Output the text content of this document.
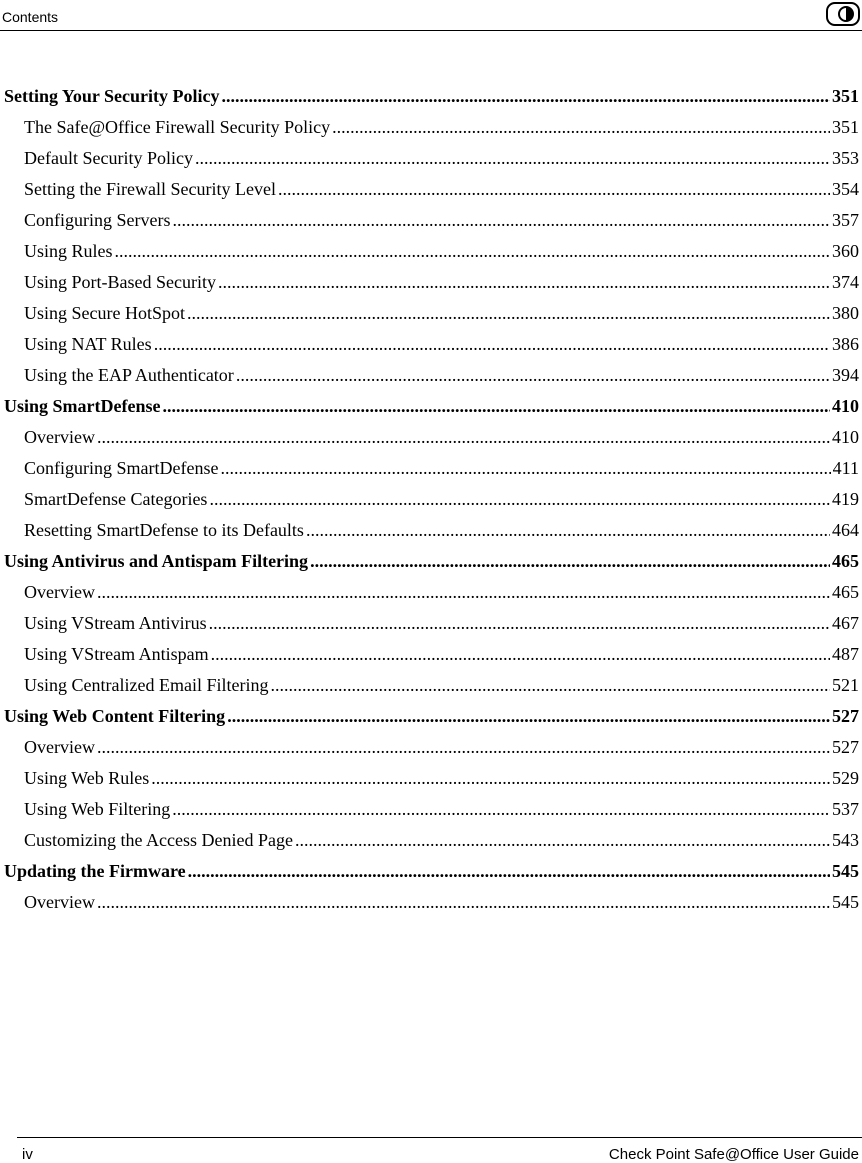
Contents
Setting Your Security Policy .....	351
The Safe@Office Firewall Security Policy .....	351
Default Security Policy .....	353
Setting the Firewall Security Level .....	354
Configuring Servers .....	357
Using Rules .....	360
Using Port-Based Security .....	374
Using Secure HotSpot .....	380
Using NAT Rules .....	386
Using the EAP Authenticator .....	394
Using SmartDefense .....	410
Overview .....	410
Configuring SmartDefense .....	411
SmartDefense Categories .....	419
Resetting SmartDefense to its Defaults .....	464
Using Antivirus and Antispam Filtering .....	465
Overview .....	465
Using VStream Antivirus .....	467
Using VStream Antispam .....	487
Using Centralized Email Filtering .....	521
Using Web Content Filtering .....	527
Overview .....	527
Using Web Rules .....	529
Using Web Filtering .....	537
Customizing the Access Denied Page .....	543
Updating the Firmware .....	545
Overview .....	545
iv	Check Point Safe@Office User Guide
